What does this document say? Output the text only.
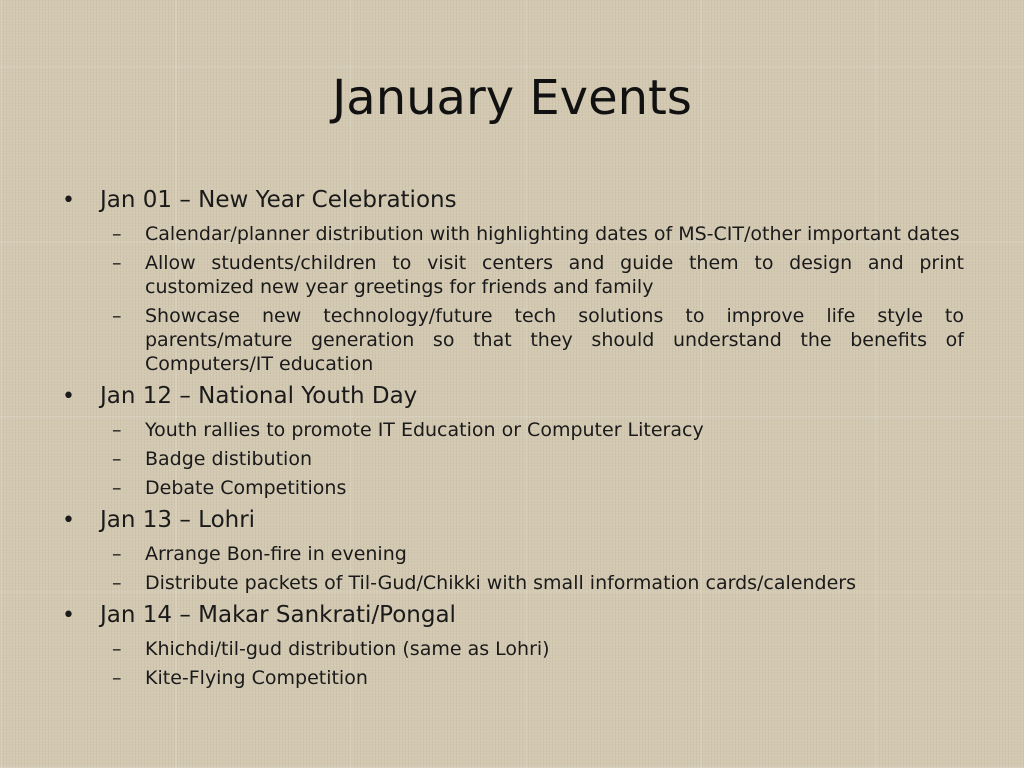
January Events
• Jan 01 – New Year Celebrations
– Calendar/planner distribution with highlighting dates of MS-CIT/other important dates
– Allow students/children to visit centers and guide them to design and print customized new year greetings for friends and family
– Showcase new technology/future tech solutions to improve life style to parents/mature generation so that they should understand the benefits of Computers/IT education
• Jan 12 – National Youth Day
– Youth rallies to promote IT Education or Computer Literacy
– Badge distibution
– Debate Competitions
• Jan 13 – Lohri
– Arrange Bon-fire in evening
– Distribute packets of Til-Gud/Chikki with small information cards/calenders
• Jan 14 – Makar Sankrati/Pongal
– Khichdi/til-gud distribution (same as Lohri)
– Kite-Flying Competition
